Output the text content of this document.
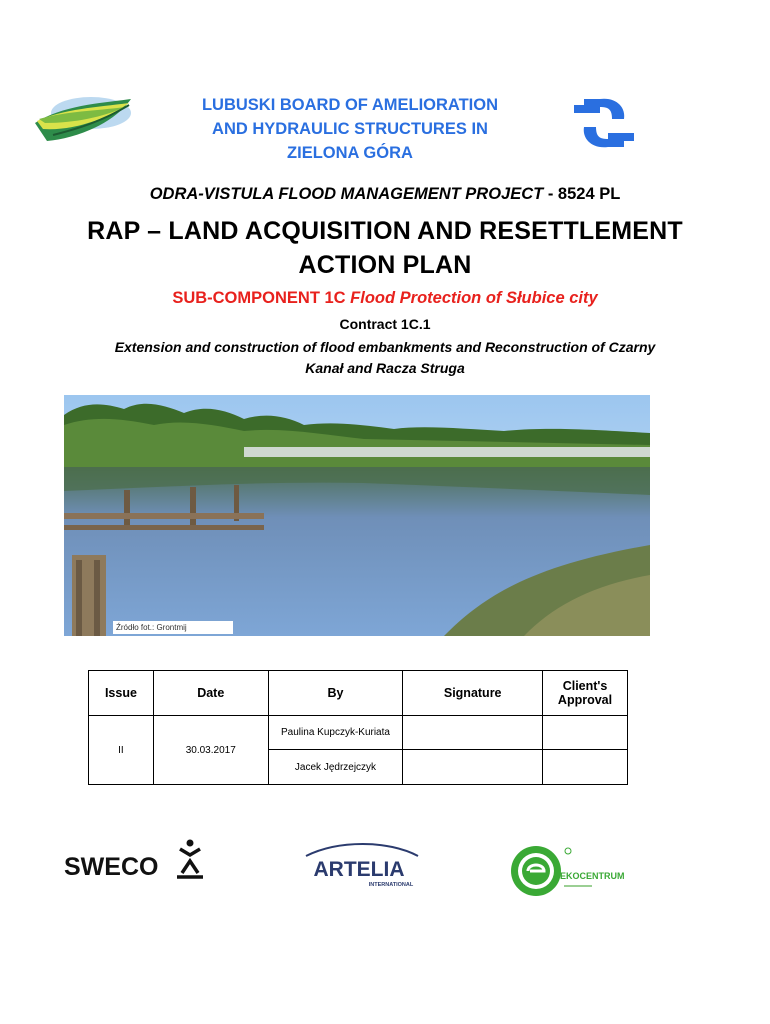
LUBUSKI BOARD OF AMELIORATION
AND HYDRAULIC STRUCTURES IN
ZIELONA GÓRA
ODRA-VISTULA FLOOD MANAGEMENT PROJECT - 8524 PL
RAP – LAND ACQUISITION AND RESETTLEMENT
ACTION PLAN
SUB-COMPONENT 1C Flood Protection of Słubice city
Contract 1C.1
Extension and construction of flood embankments and Reconstruction of Czarny
Kanał and Racza Struga
Źródło fot.: Grontmij
Issue	Date	By	Signature	Client's
Approval

II	30.03.2017	Paulina Kupczyk-Kuriata		
		Jacek Jędrzejczyk		
SWECO	ARTELIA
INTERNATIONAL
EKOCENTRUM
